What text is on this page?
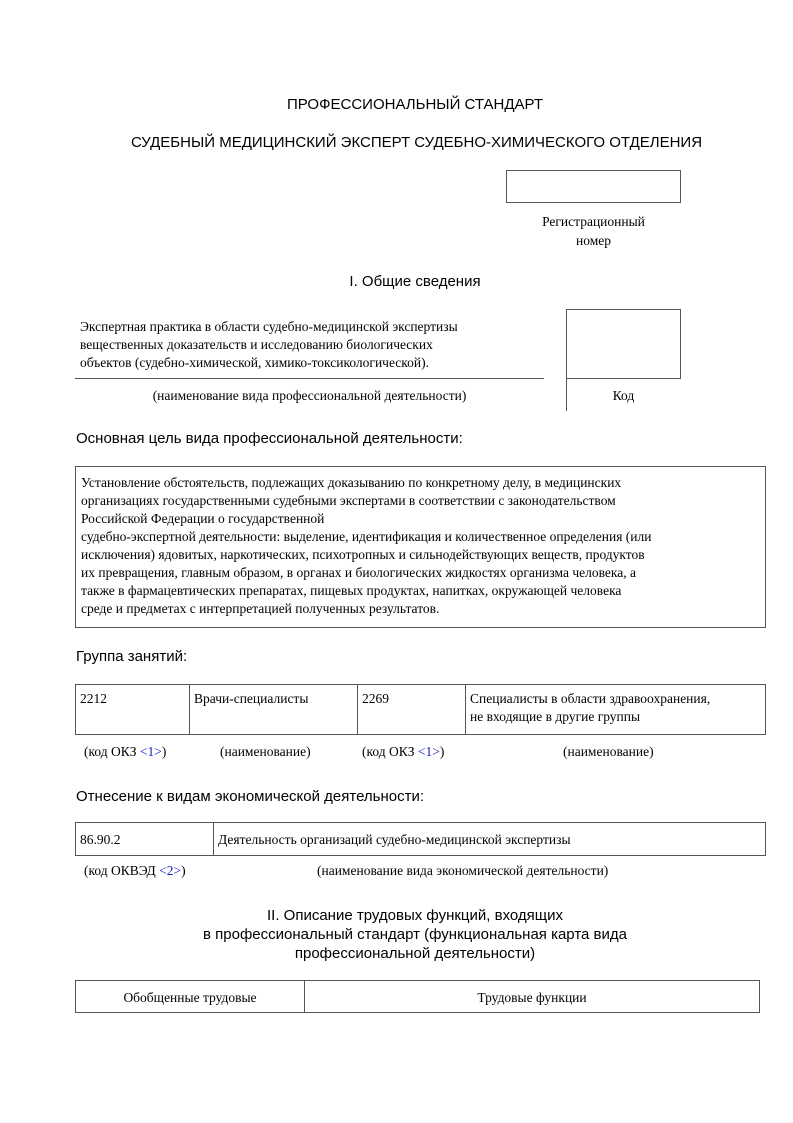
ПРОФЕССИОНАЛЬНЫЙ СТАНДАРТ
СУДЕБНЫЙ МЕДИЦИНСКИЙ ЭКСПЕРТ СУДЕБНО-ХИМИЧЕСКОГО ОТДЕЛЕНИЯ
Регистрационный
номер
I. Общие сведения
Экспертная практика в области судебно-медицинской экспертизы
вещественных доказательств и исследованию биологических
объектов (судебно-химической, химико-токсикологической).
(наименование вида профессиональной деятельности)	Код
Основная цель вида профессиональной деятельности:
Установление обстоятельств, подлежащих доказыванию по конкретному делу, в медицинских
организациях государственными судебными экспертами в соответствии с законодательством
Российской Федерации о государственной
судебно-экспертной деятельности: выделение, идентификация и количественное определения (или
исключения) ядовитых, наркотических, психотропных и сильнодействующих веществ, продуктов
их превращения, главным образом, в органах и биологических жидкостях организма человека, а
также в фармацевтических препаратах, пищевых продуктах, напитках, окружающей человека
среде и предметах с интерпретацией полученных результатов.
Группа занятий:
2212	Врачи-специалисты	2269	Специалисты в области здравоохранения,
не входящие в другие группы
(код ОКЗ <1>)	(наименование)	(код ОКЗ <1>)	(наименование)
Отнесение к видам экономической деятельности:
86.90.2	Деятельность организаций судебно-медицинской экспертизы
(код ОКВЭД <2>)	(наименование вида экономической деятельности)
II. Описание трудовых функций, входящих
в профессиональный стандарт (функциональная карта вида
профессиональной деятельности)
Обобщенные трудовые	Трудовые функции
